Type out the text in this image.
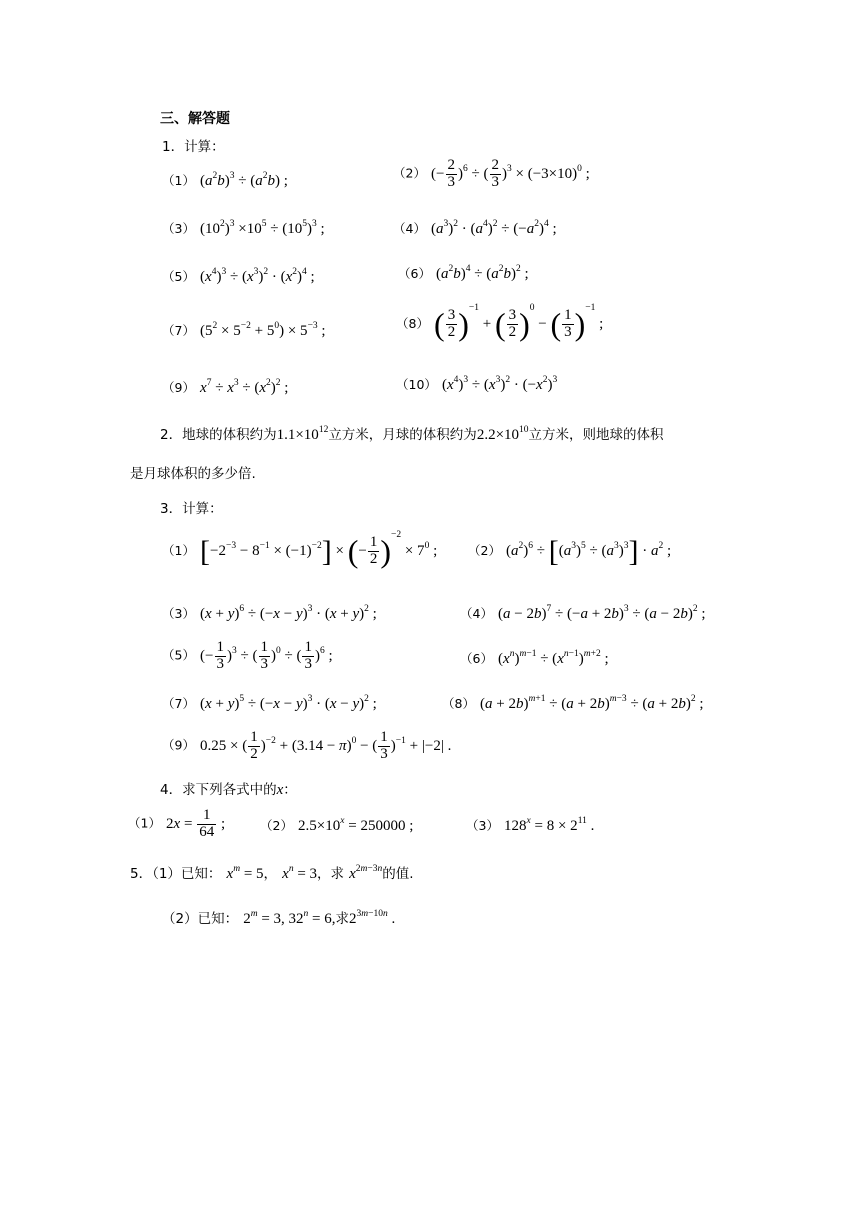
三、解答题
1．计算：
（1） $(a^2b)^3 \div (a^2b)$ ;	（2） (− $\frac{2}{3} )^6$ ÷ ( $\frac{2}{3} )^3 \times (-3\times 10)^0$ ;
（3） $(10^2)^3 \times 10^5 \div (10^5)^3$ ;	（4） $(a^3)^2 \cdot (a^4)^2 \div (-a^2)^4$ ;
（5） $(x^4)^3 \div (x^3)^2 \cdot (x^2)^4$ ;	（6） $(a^2b)^4 \div (a^2b)^2$ ;
（7） $(5^2 \times 5^{-2} + 5^0) \times 5^{-3}$ ;	（8） ( $\frac{3}{2} )^{-1}$ + ( $\frac{3}{2} )^0$ − ( $\frac{1}{3} )^{-1}$ ;
（9） $x^7 \div x^3 \div (x^2)^2$ ;	（10） $(x^4)^3 \div (x^3)^2 \cdot (-x^2)^3$
2．地球的体积约为$1.1\times 10^{12}$立方米，月球的体积约为$2.2\times 10^{10}$立方米，则地球的体积
是月球体积的多少倍.
3．计算：
（1） $[-2^{-3} - 8^{-1} \times (-1)^{-2}]$ × (− $\frac{1}{2} )^{-2} \times 7^0$ ; （2） $(a^2)^6 \div [(a^3)^5 \div (a^3)^3] \cdot a^2$ ;
（3） $(x + y)^6 \div (-x - y)^3 \cdot (x + y)^2$ ;	（4） $(a - 2b)^7 \div (-a + 2b)^3 \div (a - 2b)^2$ ;
（5） (− $\frac{1}{3} )^3$ ÷ ( $\frac{1}{3} )^0$ ÷ ( $\frac{1}{3} )^6$ ;	（6） $(x^n)^{m-1} \div (x^{n-1})^{m+2}$ ;
（7） $(x + y)^5 \div (-x - y)^3 \cdot (x - y)^2$ ;	（8） $(a + 2b)^{m+1} \div (a + 2b)^{m-3} \div (a + 2b)^2$ ;
（9） 0.25 × ( $\frac{1}{2} )^{-2} + (3.14 - \pi)^0$ − ( $\frac{1}{3} )^{-1} + |-2|$ .
4．求下列各式中的x：
（1） $2x = \frac{1}{64}$ ;	（2） $2.5\times 10^x = 250000$ ;	（3） $128^x = 8 \times 2^{11}$ .
5．（1）已知： $x^m = 5$， $x^n = 3$，求 $x^{2m-3n}$的值.
（2）已知： $2^m = 3$, $32^n = 6$,求$2^{3m-10n}$ .
